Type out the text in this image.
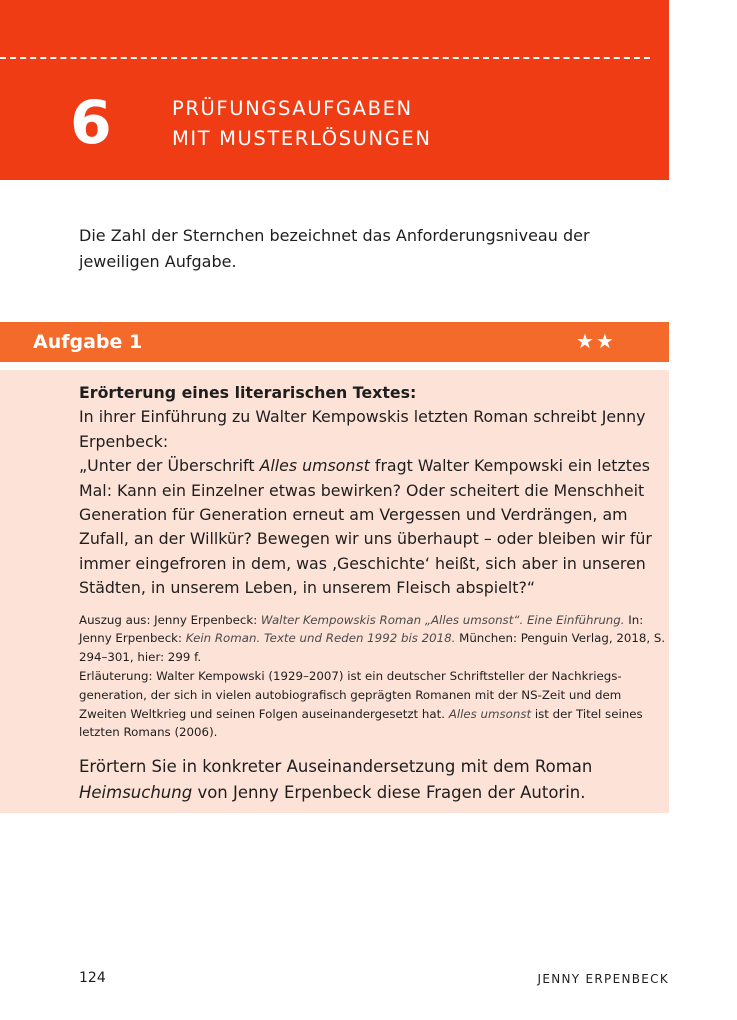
6	PRÜFUNGSAUFGABEN
MIT MUSTERLÖSUNGEN

Die Zahl der Sternchen bezeichnet das Anforderungsniveau der jeweiligen Aufgabe.

Aufgabe 1	★★

Erörterung eines literarischen Textes:
In ihrer Einführung zu Walter Kempowskis letzten Roman schreibt Jenny Erpenbeck:
„Unter der Überschrift Alles umsonst fragt Walter Kempowski ein letztes Mal: Kann ein Einzelner etwas bewirken? Oder scheitert die Menschheit Generation für Generation erneut am Vergessen und Verdrängen, am Zufall, an der Willkür? Bewegen wir uns überhaupt – oder bleiben wir für immer eingefroren in dem, was ‚Geschichte‘ heißt, sich aber in unseren Städten, in unserem Leben, in unserem Fleisch abspielt?“

Auszug aus: Jenny Erpenbeck: Walter Kempowskis Roman „Alles umsonst“. Eine Einführung. In: Jenny Erpenbeck: Kein Roman. Texte und Reden 1992 bis 2018. München: Penguin Verlag, 2018, S. 294–301, hier: 299 f.
Erläuterung: Walter Kempowski (1929–2007) ist ein deutscher Schriftsteller der Nachkriegs-generation, der sich in vielen autobiografisch geprägten Romanen mit der NS-Zeit und dem Zweiten Weltkrieg und seinen Folgen auseinandergesetzt hat. Alles umsonst ist der Titel seines letzten Romans (2006).

Erörtern Sie in konkreter Auseinandersetzung mit dem Roman Heimsuchung von Jenny Erpenbeck diese Fragen der Autorin.

124	JENNY ERPENBECK
